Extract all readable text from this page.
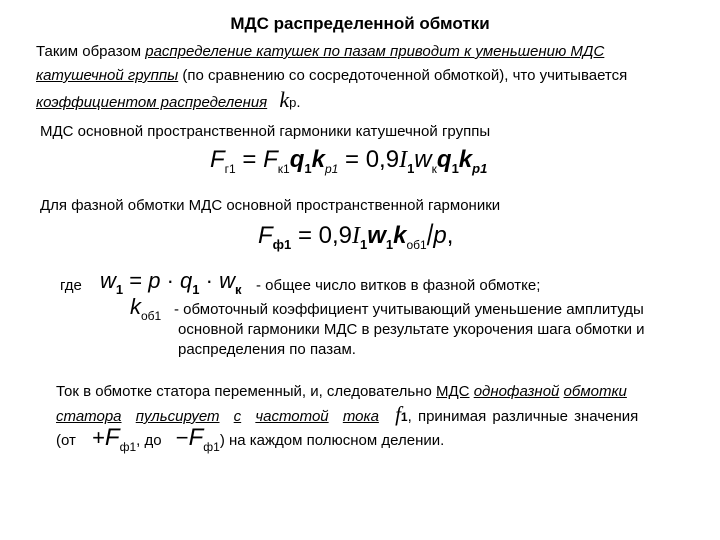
МДС распределенной обмотки
Таким образом распределение катушек по пазам приводит к уменьшению МДС
катушечной группы (по сравнению со сосредоточенной обмоткой), что учитывается
коэффициентом распределения kр.
МДС основной пространственной гармоники катушечной группы
$F_{г1} = F_{к1}q_1k_{р1} = 0,9I_1w_кq_1k_{р1}$
Для фазной обмотки МДС основной пространственной гармоники
$F_{ф1} = 0,9I_1w_1k_{об1}/p$,
где $w_1 = p \cdot q_1 \cdot w_к$ - общее число витков в фазной обмотке;
$k_{об1}$ - обмоточный коэффициент учитывающий уменьшение амплитуды
основной гармоники МДС в результате укорочения шага обмотки и
распределения по пазам.
Ток в обмотке статора переменный, и, следовательно МДС однофазной обмотки
статора пульсирует с частотой тока f1, принимая различные значения
($от +F_{ф1}$, до $-F_{ф1}$) на каждом полюсном делении.
